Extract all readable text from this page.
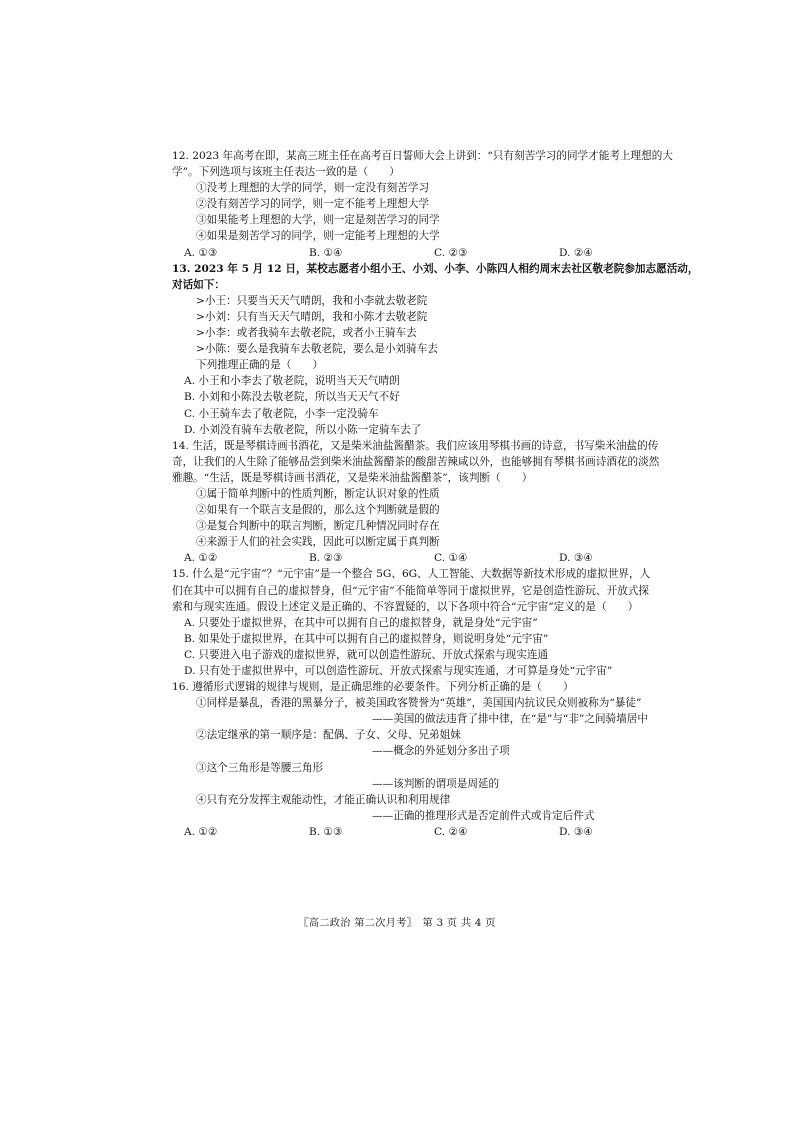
12. 2023 年高考在即，某高三班主任在高考百日誓师大会上讲到：“只有刻苦学习的同学才能考上理想的大
学”。下列选项与该班主任表达一致的是（　　）
①没考上理想的大学的同学，则一定没有刻苦学习
②没有刻苦学习的同学，则一定不能考上理想大学
③如果能考上理想的大学，则一定是刻苦学习的同学
④如果是刻苦学习的同学，则一定能考上理想的大学
A. ①③	B. ①④	C. ②③	D. ②④
13. 2023 年 5 月 12 日，某校志愿者小组小王、小刘、小李、小陈四人相约周末去社区敬老院参加志愿活动，
对话如下：
>小王：只要当天天气晴朗，我和小李就去敬老院
>小刘：只有当天天气晴朗，我和小陈才去敬老院
>小李：或者我骑车去敬老院，或者小王骑车去
>小陈：要么是我骑车去敬老院，要么是小刘骑车去
下列推理正确的是（　　）
A. 小王和小李去了敬老院，说明当天天气晴朗
B. 小刘和小陈没去敬老院，所以当天天气不好
C. 小王骑车去了敬老院，小李一定没骑车
D. 小刘没有骑车去敬老院，所以小陈一定骑车去了
14. 生活，既是琴棋诗画书酒花，又是柴米油盐酱醋茶。我们应该用琴棋书画的诗意，书写柴米油盐的传
奇，让我们的人生除了能够品尝到柴米油盐酱醋茶的酸甜苦辣咸以外，也能够拥有琴棋书画诗酒花的淡然
雅趣。“生活，既是琴棋诗画书酒花，又是柴米油盐酱醋茶”，该判断（　　）
①属于简单判断中的性质判断，断定认识对象的性质
②如果有一个联言支是假的，那么这个判断就是假的
③是复合判断中的联言判断，断定几种情况同时存在
④来源于人们的社会实践，因此可以断定属于真判断
A. ①②	B. ②③	C. ①④	D. ③④
15. 什么是“元宇宙”？“元宇宙”是一个整合 5G、6G、人工智能、大数据等新技术形成的虚拟世界，人
们在其中可以拥有自己的虚拟替身，但“元宇宙”不能简单等同于虚拟世界，它是创造性游玩、开放式探
索和与现实连通。假设上述定义是正确的、不容置疑的，以下各项中符合“元宇宙”定义的是（　　）
A. 只要处于虚拟世界，在其中可以拥有自己的虚拟替身，就是身处“元宇宙”
B. 如果处于虚拟世界，在其中可以拥有自己的虚拟替身，则说明身处“元宇宙”
C. 只要进入电子游戏的虚拟世界，就可以创造性游玩、开放式探索与现实连通
D. 只有处于虚拟世界中，可以创造性游玩、开放式探索与现实连通，才可算是身处“元宇宙”
16. 遵循形式逻辑的规律与规则，是正确思维的必要条件。下列分析正确的是（　　）
①同样是暴乱，香港的黑暴分子，被美国政客赞誉为“英雄”，美国国内抗议民众则被称为“暴徒”
——美国的做法违背了排中律，在“是”与“非”之间骑墙居中
②法定继承的第一顺序是：配偶、子女、父母、兄弟姐妹
——概念的外延划分多出子项
③这个三角形是等腰三角形
——该判断的谓项是周延的
④只有充分发挥主观能动性，才能正确认识和利用规律
——正确的推理形式是否定前件式或肯定后件式
A. ①②	B. ①③	C. ②④	D. ③④
〖高二政治 第二次月考〗　第 3 页 共 4 页
